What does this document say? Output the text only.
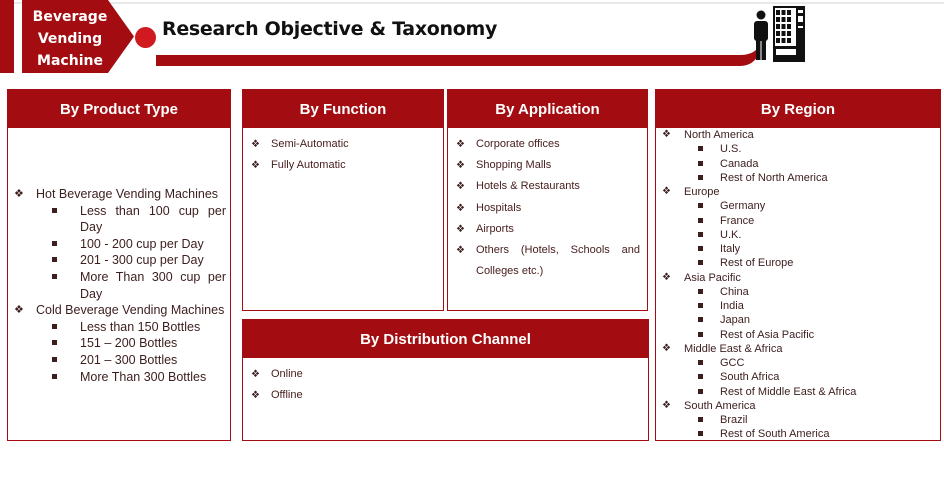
Beverage
Vending
Machine
Research Objective & Taxonomy
By Product Type
❖ Hot Beverage Vending Machines
Less than 100 cup per Day
100 - 200 cup per Day
201 - 300 cup per Day
More Than 300 cup per Day
❖ Cold Beverage Vending Machines
Less than 150 Bottles
151 – 200 Bottles
201 – 300 Bottles
More Than 300 Bottles
By Function
❖	Semi-Automatic
❖	Fully Automatic
By Application
❖	Corporate offices
❖	Shopping Malls
❖	Hotels & Restaurants
❖	Hospitals
❖	Airports
❖	Others (Hotels, Schools and
Colleges etc.)
By Distribution Channel
❖	Online
❖	Offline
By Region
❖	North America
U.S.
Canada
Rest of North America
❖	Europe
Germany
France
U.K.
Italy
Rest of Europe
❖	Asia Pacific
China
India
Japan
Rest of Asia Pacific
❖	Middle East & Africa
GCC
South Africa
Rest of Middle East & Africa
❖	South America
Brazil
Rest of South America
